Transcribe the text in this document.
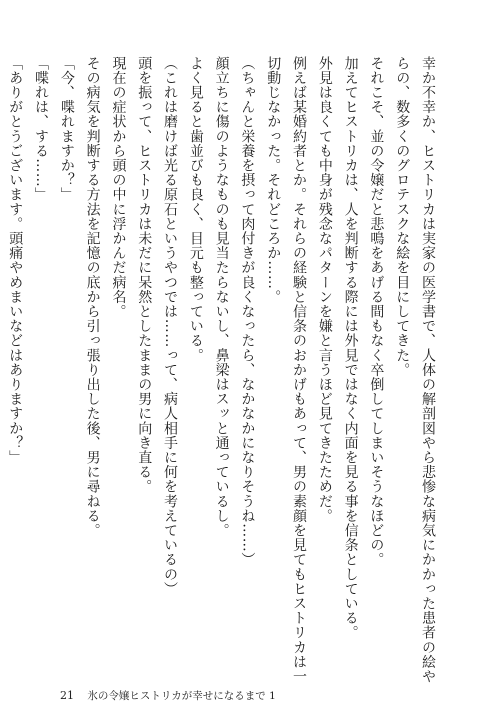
幸か不幸か、ヒストリカは実家の医学書で、人体の解剖図やら悲惨な病気にかかった患者の絵や
らの、数多くのグロテスクな絵を目にしてきた。
それこそ、並の令嬢だと悲鳴をあげる間もなく卒倒してしまいそうなほどの。
加えてヒストリカは、人を判断する際には外見ではなく内面を見る事を信条としている。
外見は良くても中身が残念なパターンを嫌と言うほど見てきたためだ。
例えば某婚約者とか。それらの経験と信条のおかげもあって、男の素顔を見てもヒストリカは一
切動じなかった。それどころか……。
（ちゃんと栄養を摂って肉付きが良くなったら、なかなかになりそうね……）
顔立ちに傷のようなものも見当たらないし、鼻梁はスッと通っているし。
よく見ると歯並びも良く、目元も整っている。
（これは磨けば光る原石というやつでは……って、病人相手に何を考えているの）
頭を振って、ヒストリカは未だに呆然としたままの男に向き直る。
現在の症状から頭の中に浮かんだ病名。
その病気を判断する方法を記憶の底から引っ張り出した後、男に尋ねる。
「今、喋れますか？」
「喋れは、する……」
「ありがとうございます。頭痛やめまいなどはありますか？」
21 氷の令嬢ヒストリカが幸せになるまで 1
